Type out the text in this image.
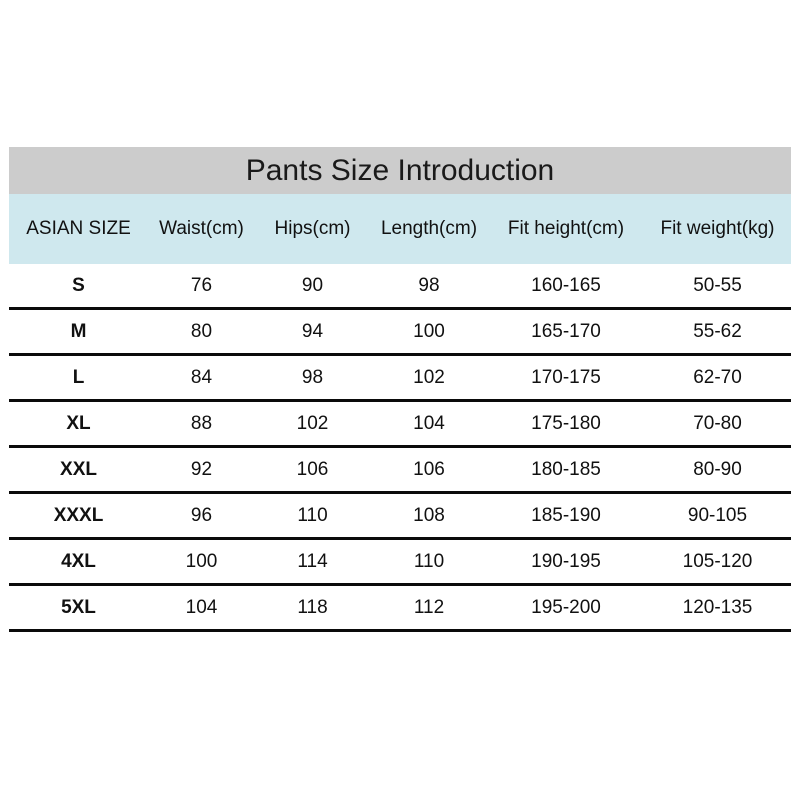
Pants Size Introduction
ASIAN SIZE	Waist(cm)	Hips(cm)	Length(cm)	Fit height(cm)	Fit weight(kg)
S	76	90	98	160-165	50-55
M	80	94	100	165-170	55-62
L	84	98	102	170-175	62-70
XL	88	102	104	175-180	70-80
XXL	92	106	106	180-185	80-90
XXXL	96	110	108	185-190	90-105
4XL	100	114	110	190-195	105-120
5XL	104	118	112	195-200	120-135
